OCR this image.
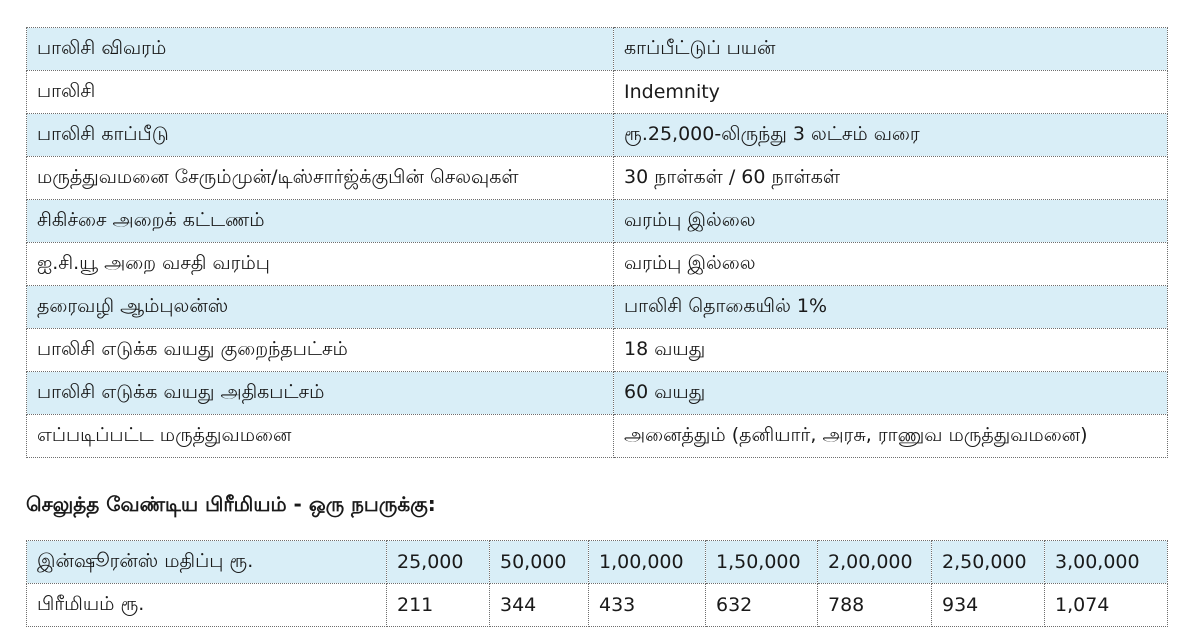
பாலிசி விவரம்	காப்பீட்டுப் பயன்
பாலிசி	Indemnity
பாலிசி காப்பீடு	ரூ.25,000-லிருந்து 3 லட்சம் வரை
மருத்துவமனை சேரும்முன்/டிஸ்சார்ஜ்க்குபின் செலவுகள்	30 நாள்கள் / 60 நாள்கள்
சிகிச்சை அறைக் கட்டணம்	வரம்பு இல்லை
ஐ.சி.யூ அறை வசதி வரம்பு	வரம்பு இல்லை
தரைவழி ஆம்புலன்ஸ்	பாலிசி தொகையில் 1%
பாலிசி எடுக்க வயது குறைந்தபட்சம்	18 வயது
பாலிசி எடுக்க வயது அதிகபட்சம்	60 வயது
எப்படிப்பட்ட மருத்துவமனை	அனைத்தும் (தனியார், அரசு, ராணுவ மருத்துவமனை)
செலுத்த வேண்டிய பிரீமியம் - ஒரு நபருக்கு:
இன்ஷூரன்ஸ் மதிப்பு ரூ.	25,000	50,000	1,00,000	1,50,000	2,00,000	2,50,000	3,00,000
பிரீமியம் ரூ.	211	344	433	632	788	934	1,074
